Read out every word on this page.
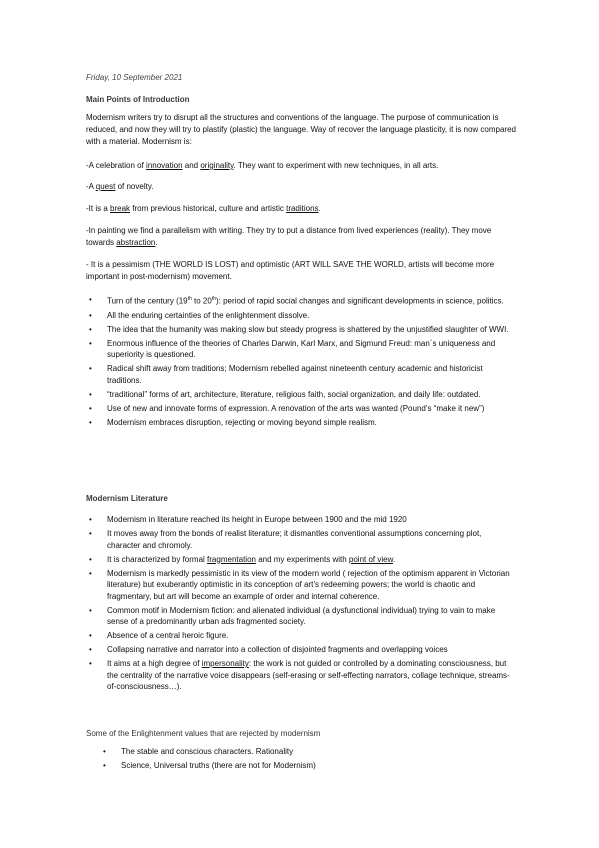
Friday, 10 September 2021
Main Points of Introduction
Modernism writers try to disrupt all the structures and conventions of the language. The purpose of communication is reduced, and now they will try to plastify (plastic) the language. Way of recover the language plasticity, it is now compared with a material. Modernism is:
-A celebration of innovation and originality. They want to experiment with new techniques, in all arts.
-A quest of novelty.
-It is a break from previous historical, culture and artistic traditions.
-In painting we find a parallelism with writing. They try to put a distance from lived experiences (reality). They move towards abstraction.
- It is a pessimism (THE WORLD IS LOST) and optimistic (ART WILL SAVE THE WORLD, artists will become more important in post-modernism) movement.
• Turn of the century (19th to 20th): period of rapid social changes and significant developments in science, politics.
• All the enduring certainties of the enlightenment dissolve.
• The idea that the humanity was making slow but steady progress is shattered by the unjustified slaughter of WWI.
• Enormous influence of the theories of Charles Darwin, Karl Marx, and Sigmund Freud: man´s uniqueness and superiority is questioned.
• Radical shift away from traditions; Modernism rebelled against nineteenth century academic and historicist traditions.
• “traditional” forms of art, architecture, literature, religious faith, social organization, and daily life: outdated.
• Use of new and innovate forms of expression. A renovation of the arts was wanted (Pound’s “make it new”)
• Modernism embraces disruption, rejecting or moving beyond simple realism.
Modernism Literature
• Modernism in literature reached its height in Europe between 1900 and the mid 1920
• It moves away from the bonds of realist literature; it dismantles conventional assumptions concerning plot, character and chromoly.
• It is characterized by formal fragmentation and my experiments with point of view.
• Modernism is markedly pessimistic in its view of the modern world ( rejection of the optimism apparent in Victorian literature) but exuberantly optimistic in its conception of art’s redeeming powers; the world is chaotic and fragmentary, but art will become an example of order and internal coherence.
• Common motif in Modernism fiction: and alienated individual (a dysfunctional individual) trying to vain to make sense of a predominantly urban ads fragmented society.
• Absence of a central heroic figure.
• Collapsing narrative and narrator into a collection of disjointed fragments and overlapping voices
• It aims at a high degree of impersonality: the work is not guided or controlled by a dominating consciousness, but the centrality of the narrative voice disappears (self-erasing or self-effecting narrators, collage technique, streams-of-consciousness…).
Some of the Enlightenment values that are rejected by modernism
• The stable and conscious characters. Rationality
• Science, Universal truths (there are not for Modernism)
